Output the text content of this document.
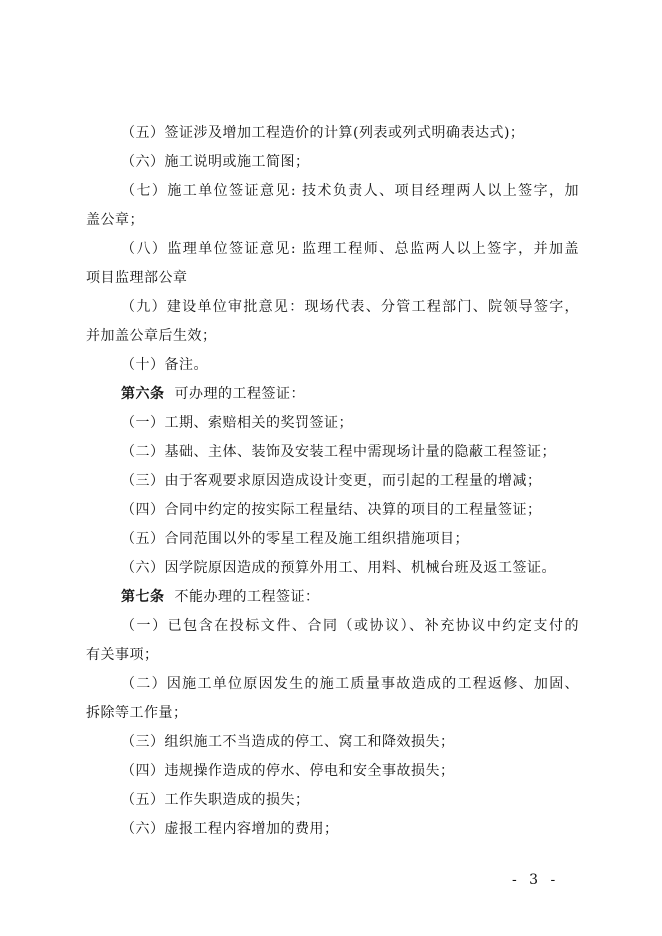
（五）签证涉及增加工程造价的计算(列表或列式明确表达式)；
（六）施工说明或施工简图；
（七）施工单位签证意见: 技术负责人、项目经理两人以上签字，加
盖公章；
（八）监理单位签证意见: 监理工程师、总监两人以上签字，并加盖
项目监理部公章
（九）建设单位审批意见：现场代表、分管工程部门、院领导签字，
并加盖公章后生效；
（十）备注。
第六条 可办理的工程签证：
（一）工期、索赔相关的奖罚签证；
（二）基础、主体、装饰及安装工程中需现场计量的隐蔽工程签证；
（三）由于客观要求原因造成设计变更，而引起的工程量的增减；
（四）合同中约定的按实际工程量结、决算的项目的工程量签证；
（五）合同范围以外的零星工程及施工组织措施项目；
（六）因学院原因造成的预算外用工、用料、机械台班及返工签证。
第七条 不能办理的工程签证：
（一）已包含在投标文件、合同（或协议）、补充协议中约定支付的
有关事项；
（二）因施工单位原因发生的施工质量事故造成的工程返修、加固、
拆除等工作量；
（三）组织施工不当造成的停工、窝工和降效损失；
（四）违规操作造成的停水、停电和安全事故损失；
（五）工作失职造成的损失；
（六）虚报工程内容增加的费用；
- 3 -
